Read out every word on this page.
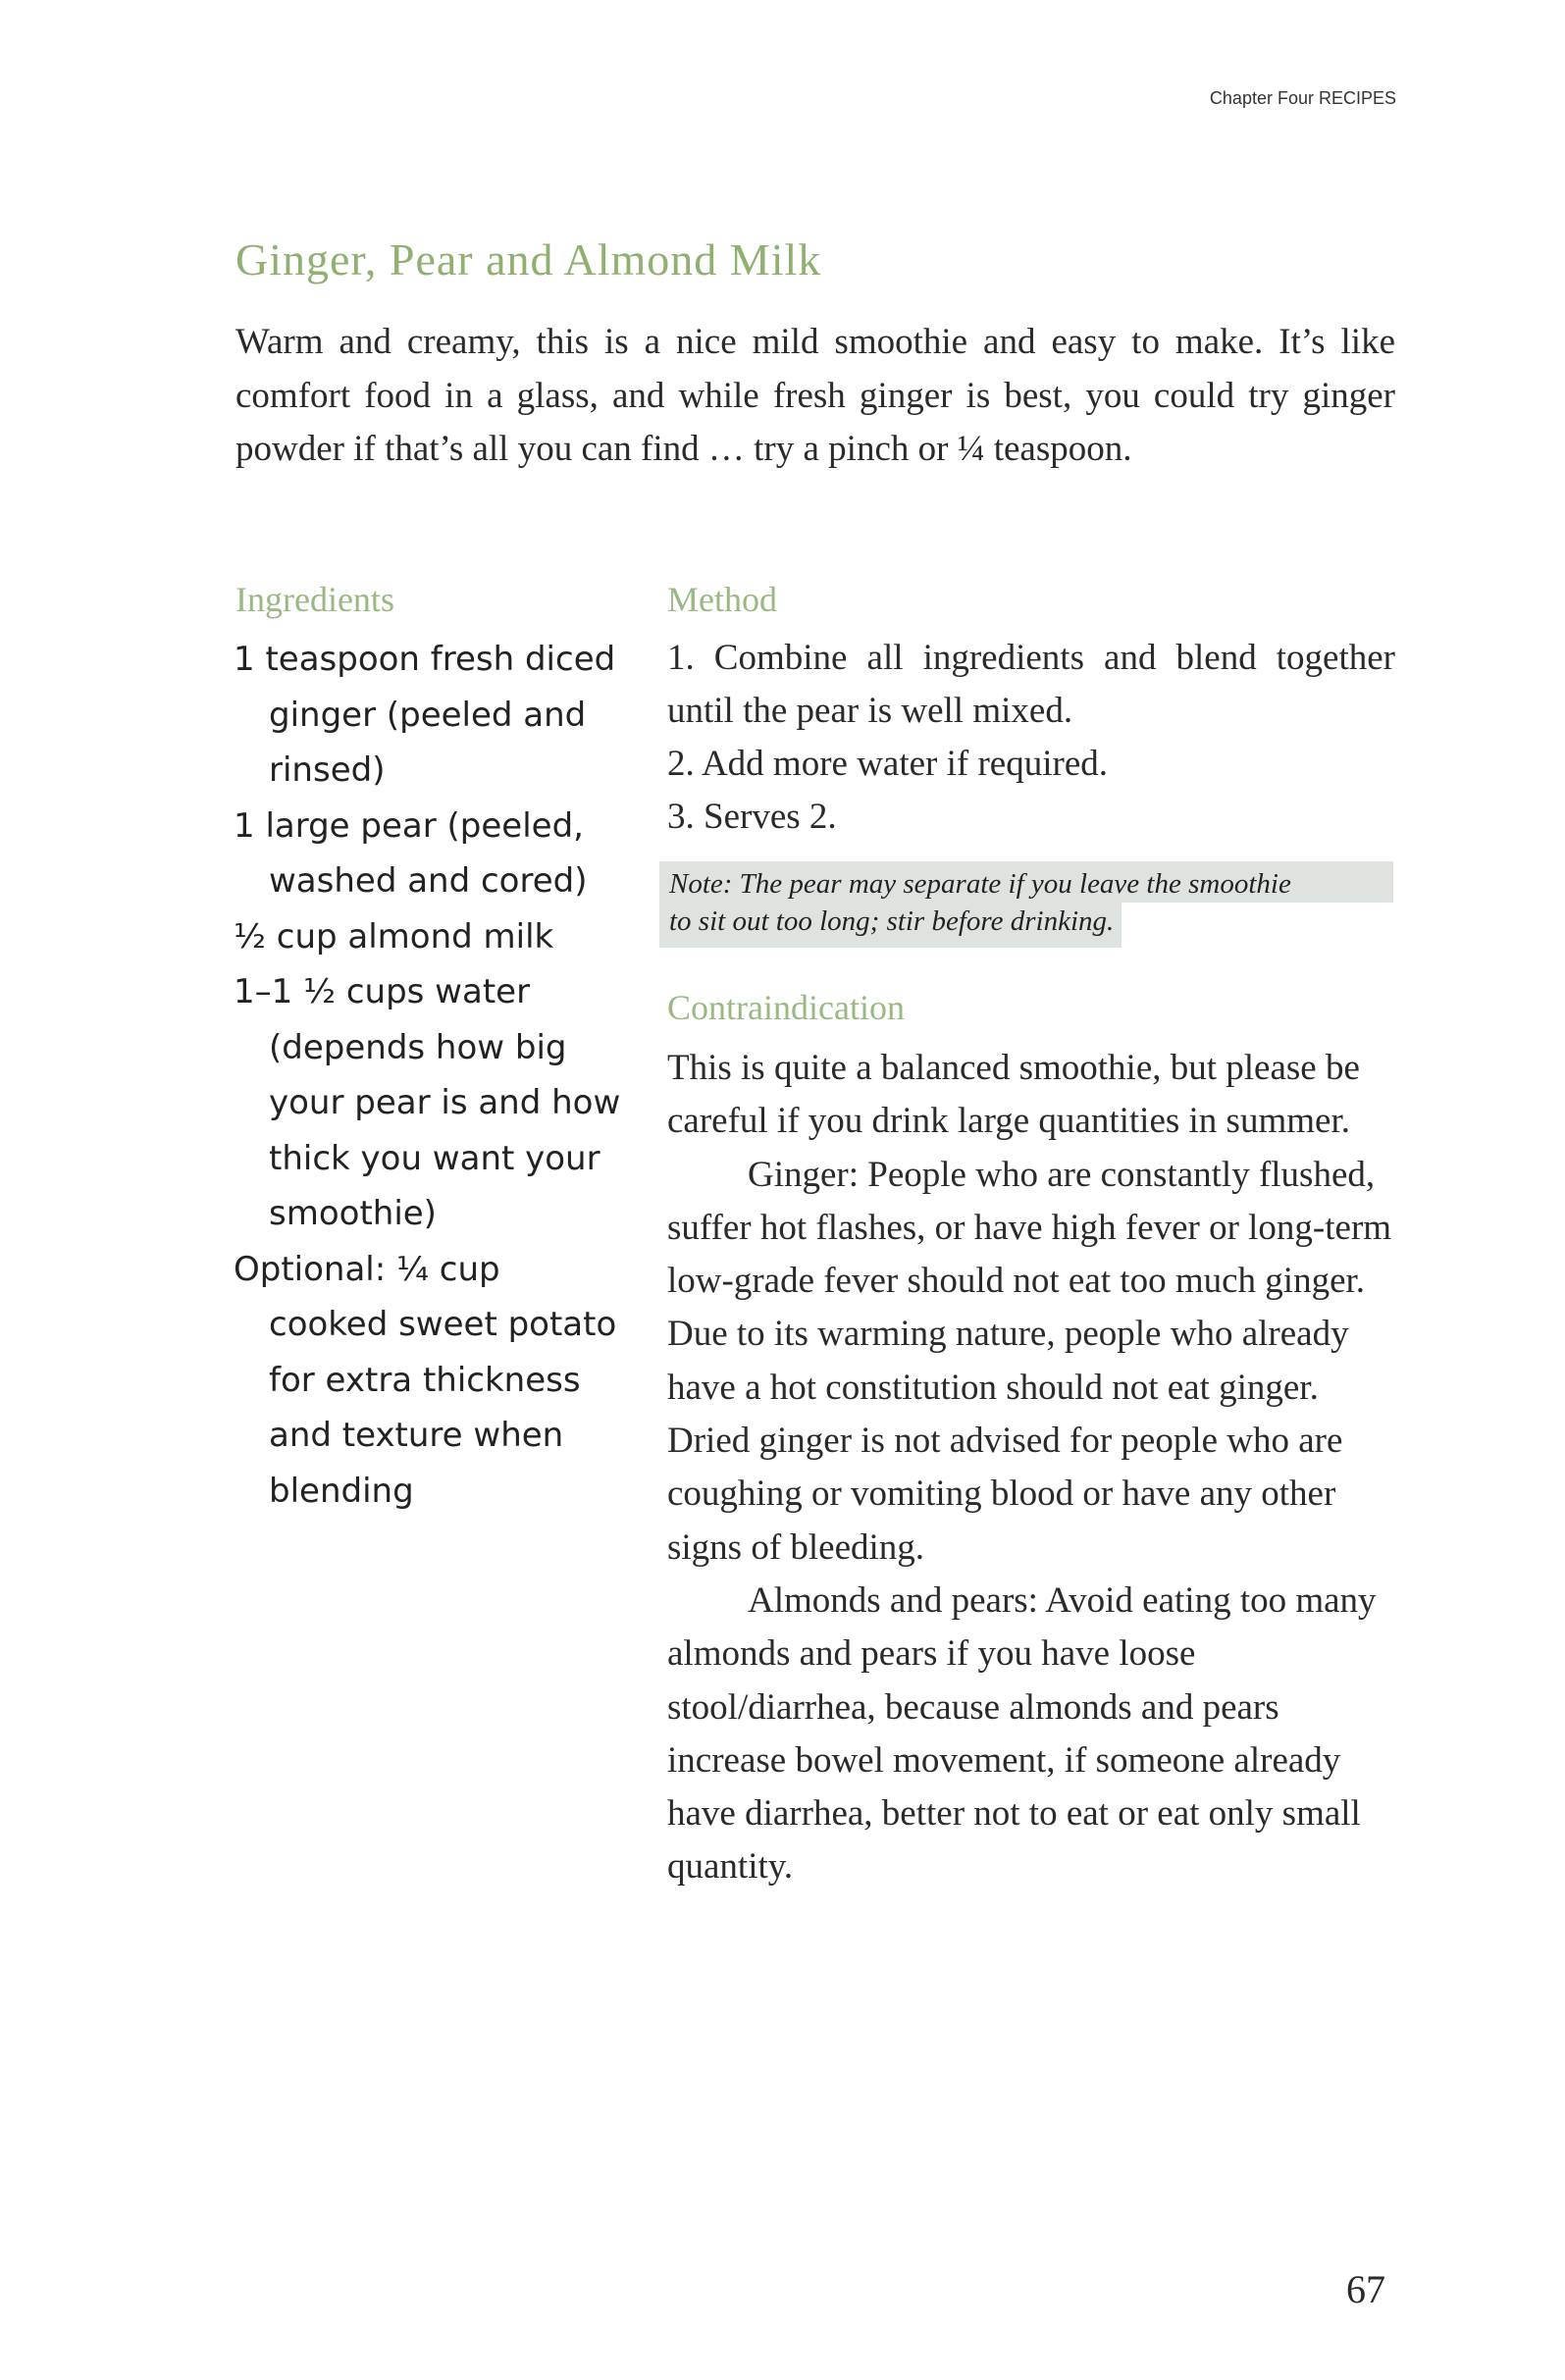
Chapter Four RECIPES
Ginger, Pear and Almond Milk
Warm and creamy, this is a nice mild smoothie and easy to make. It’s like comfort food in a glass, and while fresh ginger is best, you could try ginger powder if that’s all you can find … try a pinch or ¼ teaspoon.
Ingredients
1 teaspoon fresh diced ginger (peeled and rinsed)
1 large pear (peeled, washed and cored)
½ cup almond milk
1–1 ½ cups water (depends how big your pear is and how thick you want your smoothie)
Optional: ¼ cup cooked sweet potato for extra thickness and texture when blending
Method
1. Combine all ingredients and blend together until the pear is well mixed.
2. Add more water if required.
3. Serves 2.
Note: The pear may separate if you leave the smoothie
to sit out too long; stir before drinking.
Contraindication

This is quite a balanced smoothie, but please be careful if you drink large quantities in summer.

Ginger: People who are constantly flushed, suffer hot flashes, or have high fever or long-term low-grade fever should not eat too much ginger. Due to its warming nature, people who already have a hot constitution should not eat ginger. Dried ginger is not advised for people who are coughing or vomiting blood or have any other signs of bleeding.

Almonds and pears: Avoid eating too many almonds and pears if you have loose stool/diarrhea, because almonds and pears increase bowel movement, if someone already have diarrhea, better not to eat or eat only small quantity.

67
